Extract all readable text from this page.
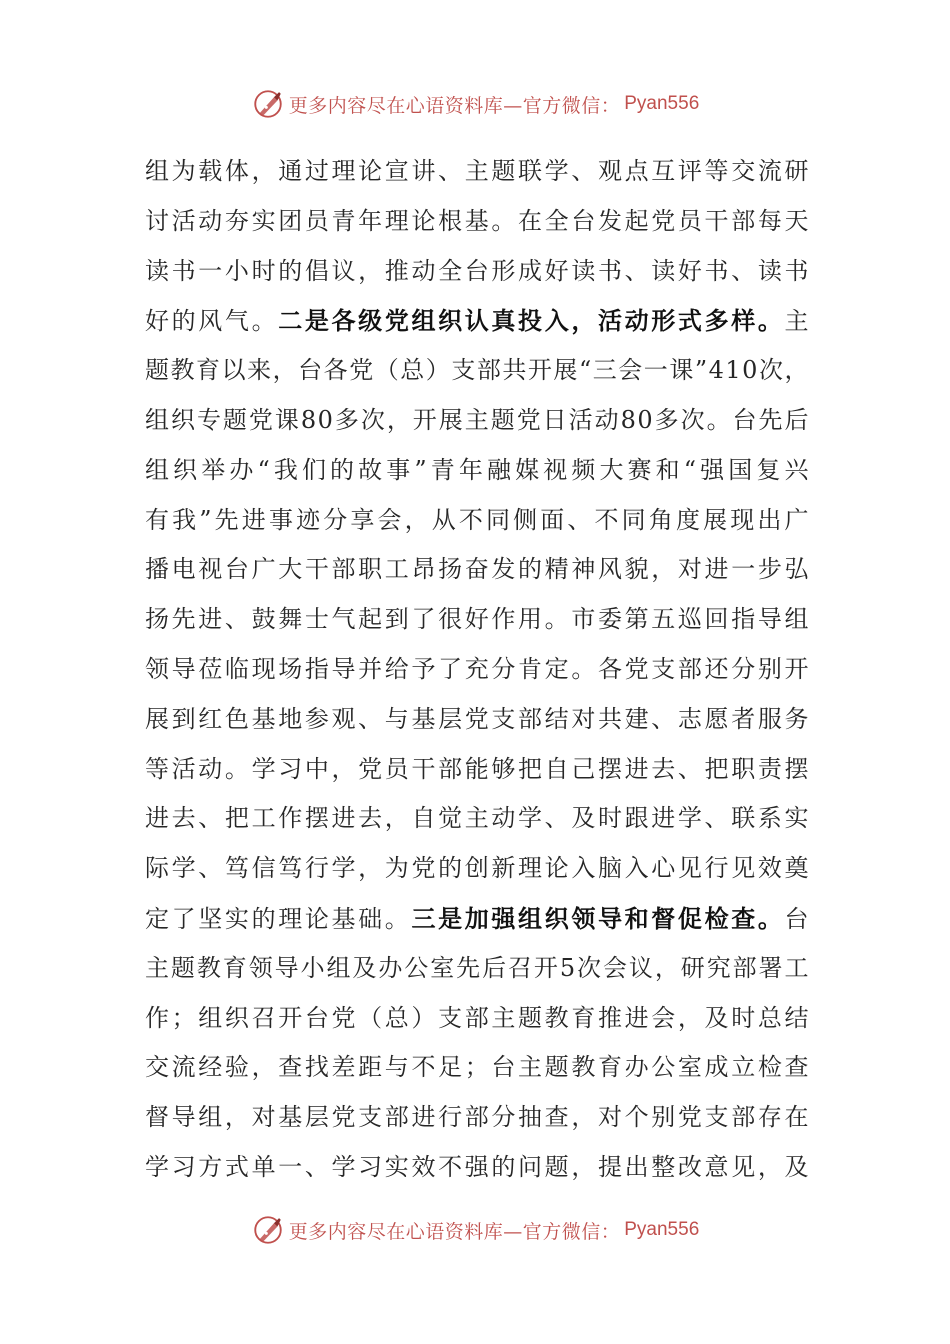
更多内容尽在心语资料库—官方微信： Pyan556
组为载体，通过理论宣讲、主题联学、观点互评等交流研
讨活动夯实团员青年理论根基。在全台发起党员干部每天
读书一小时的倡议，推动全台形成好读书、读好书、读书
好的风气。二是各级党组织认真投入，活动形式多样。主
题教育以来，台各党（总）支部共开展“三会一课”410次，
组织专题党课80多次，开展主题党日活动80多次。台先后
组织举办“我们的故事”青年融媒视频大赛和“强国复兴
有我”先进事迹分享会，从不同侧面、不同角度展现出广
播电视台广大干部职工昂扬奋发的精神风貌，对进一步弘
扬先进、鼓舞士气起到了很好作用。市委第五巡回指导组
领导莅临现场指导并给予了充分肯定。各党支部还分别开
展到红色基地参观、与基层党支部结对共建、志愿者服务
等活动。学习中，党员干部能够把自己摆进去、把职责摆
进去、把工作摆进去，自觉主动学、及时跟进学、联系实
际学、笃信笃行学，为党的创新理论入脑入心见行见效奠
定了坚实的理论基础。三是加强组织领导和督促检查。台
主题教育领导小组及办公室先后召开5次会议，研究部署工
作；组织召开台党（总）支部主题教育推进会，及时总结
交流经验，查找差距与不足；台主题教育办公室成立检查
督导组，对基层党支部进行部分抽查，对个别党支部存在
学习方式单一、学习实效不强的问题，提出整改意见，及
更多内容尽在心语资料库—官方微信： Pyan556
